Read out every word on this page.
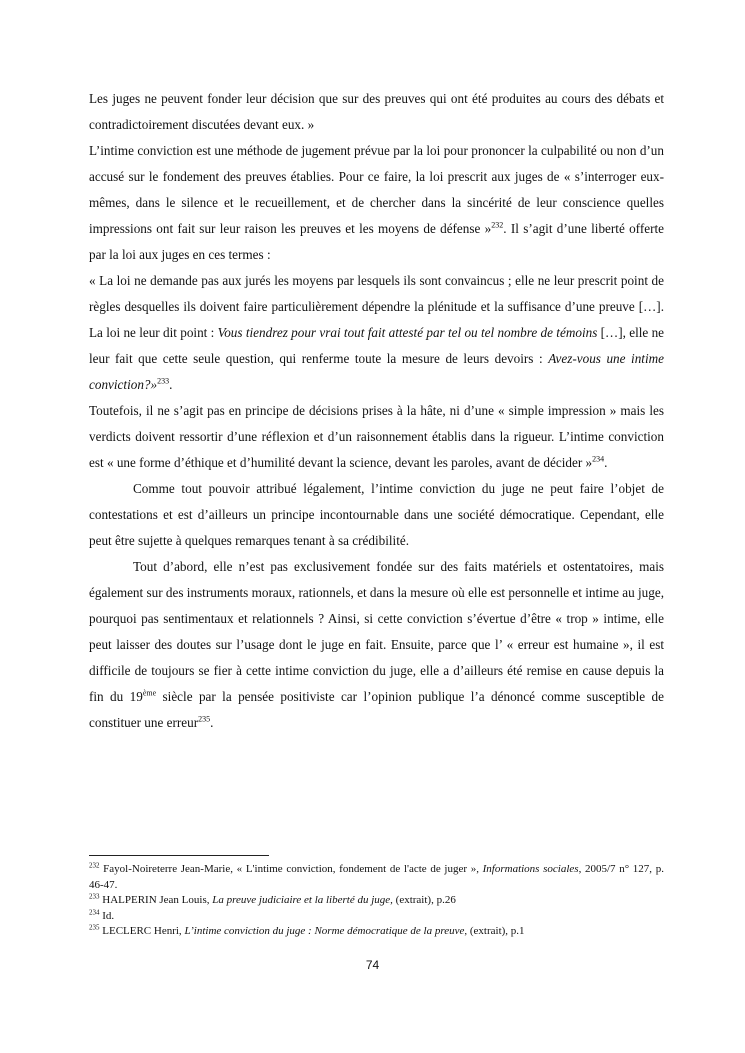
Les juges ne peuvent fonder leur décision que sur des preuves qui ont été produites au cours des débats et contradictoirement discutées devant eux. »

L’intime conviction est une méthode de jugement prévue par la loi pour prononcer la culpabilité ou non d’un accusé sur le fondement des preuves établies. Pour ce faire, la loi prescrit aux juges de « s’interroger eux-mêmes, dans le silence et le recueillement, et de chercher dans la sincérité de leur conscience quelles impressions ont fait sur leur raison les preuves et les moyens de défense »$^{232}$. Il s’agit d’une liberté offerte par la loi aux juges en ces termes :

« La loi ne demande pas aux jurés les moyens par lesquels ils sont convaincus ; elle ne leur prescrit point de règles desquelles ils doivent faire particulièrement dépendre la plénitude et la suffisance d’une preuve […]. La loi ne leur dit point : Vous tiendrez pour vrai tout fait attesté par tel ou tel nombre de témoins […], elle ne leur fait que cette seule question, qui renferme toute la mesure de leurs devoirs : Avez-vous une intime conviction?»$^{233}$.

Toutefois, il ne s’agit pas en principe de décisions prises à la hâte, ni d’une « simple impression » mais les verdicts doivent ressortir d’une réflexion et d’un raisonnement établis dans la rigueur. L’intime conviction est « une forme d’éthique et d’humilité devant la science, devant les paroles, avant de décider »$^{234}$.

Comme tout pouvoir attribué légalement, l’intime conviction du juge ne peut faire l’objet de contestations et est d’ailleurs un principe incontournable dans une société démocratique. Cependant, elle peut être sujette à quelques remarques tenant à sa crédibilité.

Tout d’abord, elle n’est pas exclusivement fondée sur des faits matériels et ostentatoires, mais également sur des instruments moraux, rationnels, et dans la mesure où elle est personnelle et intime au juge, pourquoi pas sentimentaux et relationnels ? Ainsi, si cette conviction s’évertue d’être « trop » intime, elle peut laisser des doutes sur l’usage dont le juge en fait. Ensuite, parce que l’ « erreur est humaine », il est difficile de toujours se fier à cette intime conviction du juge, elle a d’ailleurs été remise en cause depuis la fin du 19ème siècle par la pensée positiviste car l’opinion publique l’a dénoncé comme susceptible de constituer une erreur$^{235}$.

$^{232}$ Fayol-Noireterre Jean-Marie, « L'intime conviction, fondement de l'acte de juger », Informations sociales, 2005/7 n° 127, p. 46-47.

$^{233}$ HALPERIN Jean Louis, La preuve judiciaire et la liberté du juge, (extrait), p.26

$^{234}$ Id.

$^{235}$ LECLERC Henri, L’intime conviction du juge : Norme démocratique de la preuve, (extrait), p.1

74
